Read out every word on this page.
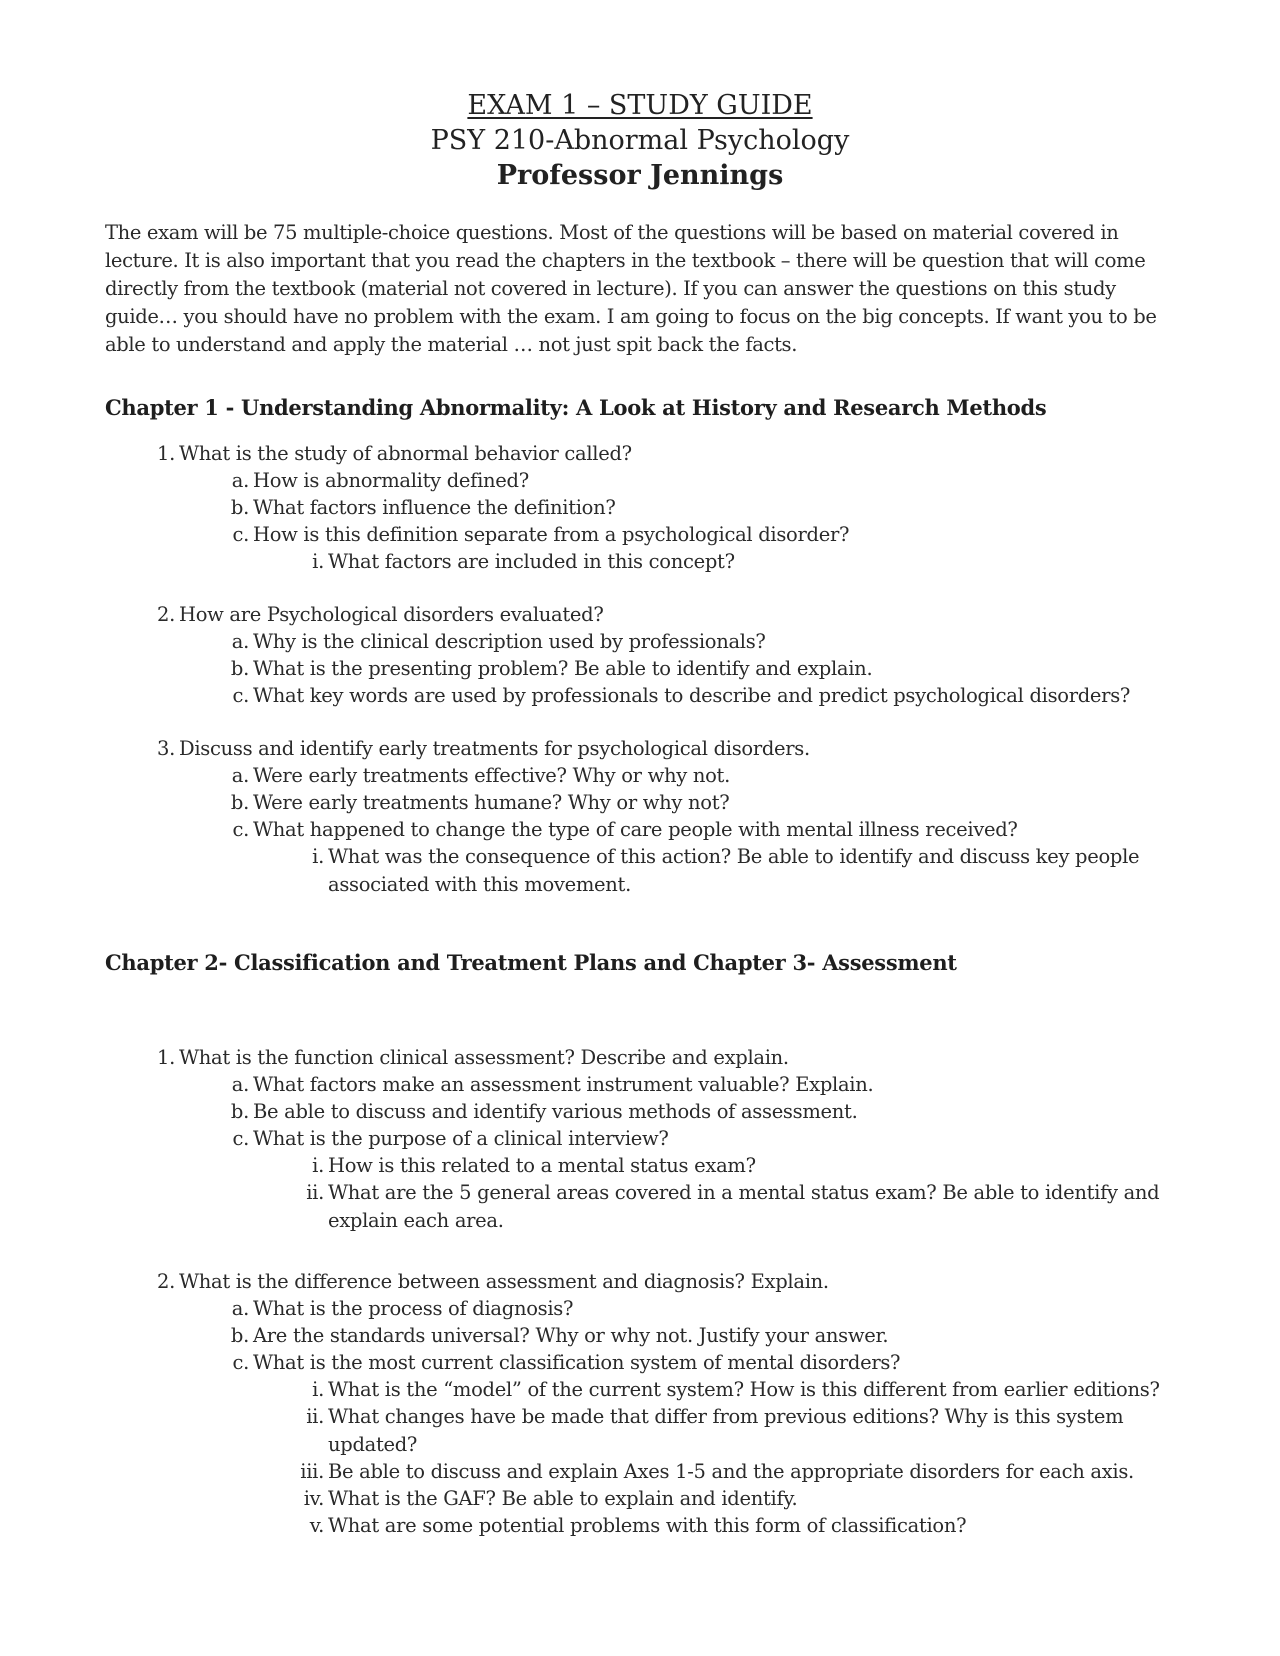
EXAM 1 – STUDY GUIDE
PSY 210-Abnormal Psychology
Professor Jennings
The exam will be 75 multiple-choice questions. Most of the questions will be based on material covered in lecture. It is also important that you read the chapters in the textbook – there will be question that will come directly from the textbook (material not covered in lecture). If you can answer the questions on this study guide… you should have no problem with the exam. I am going to focus on the big concepts. If want you to be able to understand and apply the material … not just spit back the facts.
Chapter 1 - Understanding Abnormality: A Look at History and Research Methods
1. What is the study of abnormal behavior called?
a. How is abnormality defined?
b. What factors influence the definition?
c. How is this definition separate from a psychological disorder?
i. What factors are included in this concept?
2. How are Psychological disorders evaluated?
a. Why is the clinical description used by professionals?
b. What is the presenting problem? Be able to identify and explain.
c. What key words are used by professionals to describe and predict psychological disorders?
3. Discuss and identify early treatments for psychological disorders.
a. Were early treatments effective? Why or why not.
b. Were early treatments humane? Why or why not?
c. What happened to change the type of care people with mental illness received?
i. What was the consequence of this action? Be able to identify and discuss key people associated with this movement.
Chapter 2- Classification and Treatment Plans and Chapter 3- Assessment
1. What is the function clinical assessment? Describe and explain.
a. What factors make an assessment instrument valuable? Explain.
b. Be able to discuss and identify various methods of assessment.
c. What is the purpose of a clinical interview?
i. How is this related to a mental status exam?
ii. What are the 5 general areas covered in a mental status exam? Be able to identify and explain each area.
2. What is the difference between assessment and diagnosis? Explain.
a. What is the process of diagnosis?
b. Are the standards universal? Why or why not. Justify your answer.
c. What is the most current classification system of mental disorders?
i. What is the “model” of the current system? How is this different from earlier editions?
ii. What changes have be made that differ from previous editions? Why is this system updated?
iii. Be able to discuss and explain Axes 1-5 and the appropriate disorders for each axis.
iv. What is the GAF? Be able to explain and identify.
v. What are some potential problems with this form of classification?
